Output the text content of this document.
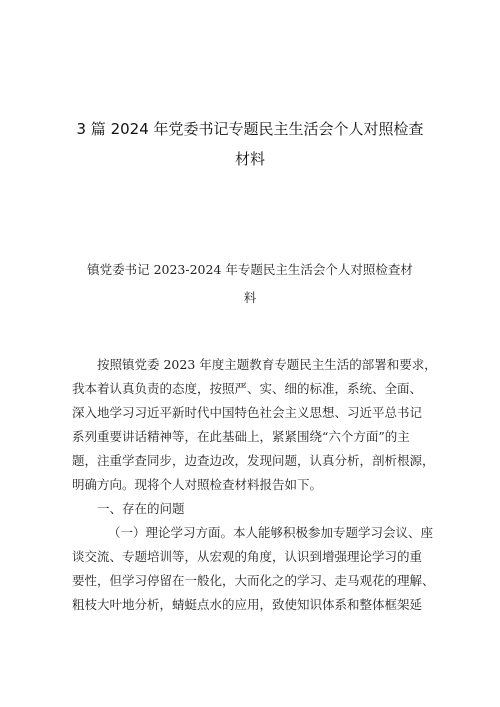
3 篇 2024 年党委书记专题民主生活会个人对照检查
材料
镇党委书记 2023-2024 年专题民主生活会个人对照检查材
料
按照镇党委 2023 年度主题教育专题民主生活的部署和要求，
我本着认真负责的态度，按照严、实、细的标准，系统、全面、
深入地学习习近平新时代中国特色社会主义思想、习近平总书记
系列重要讲话精神等，在此基础上，紧紧围绕“六个方面”的主
题，注重学查同步，边查边改，发现问题，认真分析，剖析根源，
明确方向。现将个人对照检查材料报告如下。
一、存在的问题
（一）理论学习方面。本人能够积极参加专题学习会议、座
谈交流、专题培训等，从宏观的角度，认识到增强理论学习的重
要性，但学习停留在一般化，大而化之的学习、走马观花的理解、
粗枝大叶地分析，蜻蜓点水的应用，致使知识体系和整体框架延
